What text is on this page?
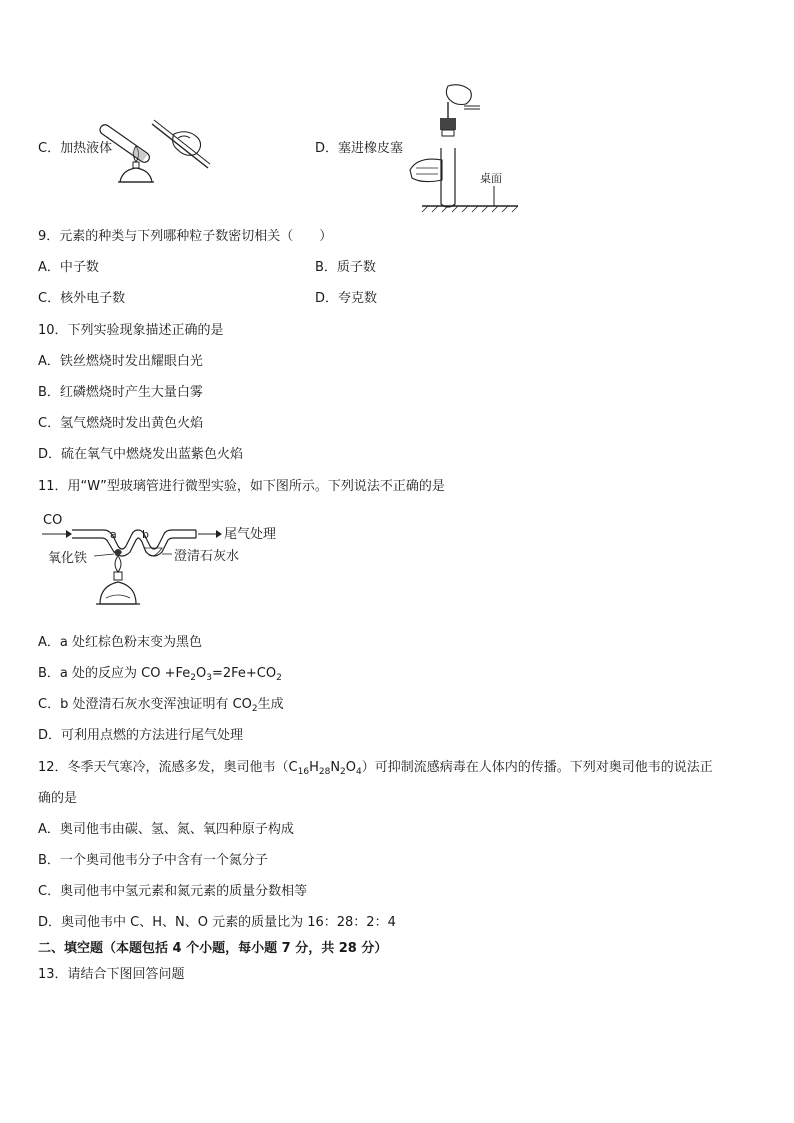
C．加热液体
桌面
D．塞进橡皮塞
9．元素的种类与下列哪种粒子数密切相关（　　）
A．中子数	B．质子数
C．核外电子数	D．夸克数
10．下列实验现象描述正确的是
A．铁丝燃烧时发出耀眼白光
B．红磷燃烧时产生大量白雾
C．氢气燃烧时发出黄色火焰
D．硫在氧气中燃烧发出蓝紫色火焰
11．用“W”型玻璃管进行微型实验，如下图所示。下列说法不正确的是
CO
a b	尾气处理
氧化铁	澄清石灰水
A．a 处红棕色粉末变为黑色
B．a 处的反应为 CO $+Fe_2O_3=2Fe+CO_2$
C．b 处澄清石灰水变浑浊证明有 $CO_2$生成
D．可利用点燃的方法进行尾气处理
12．冬季天气寒冷，流感多发，奥司他韦$(C_{16}H_{28}N_2O_4)$可抑制流感病毒在人体内的传播。下列对奥司他韦的说法正
确的是
A．奥司他韦由碳、氢、氮、氧四种原子构成
B．一个奥司他韦分子中含有一个氮分子
C．奥司他韦中氢元素和氮元素的质量分数相等
D．奥司他韦中 C、H、N、O 元素的质量比为 16：28：2：4
二、填空题（本题包括 4 个小题，每小题 7 分，共 28 分）
13．请结合下图回答问题
